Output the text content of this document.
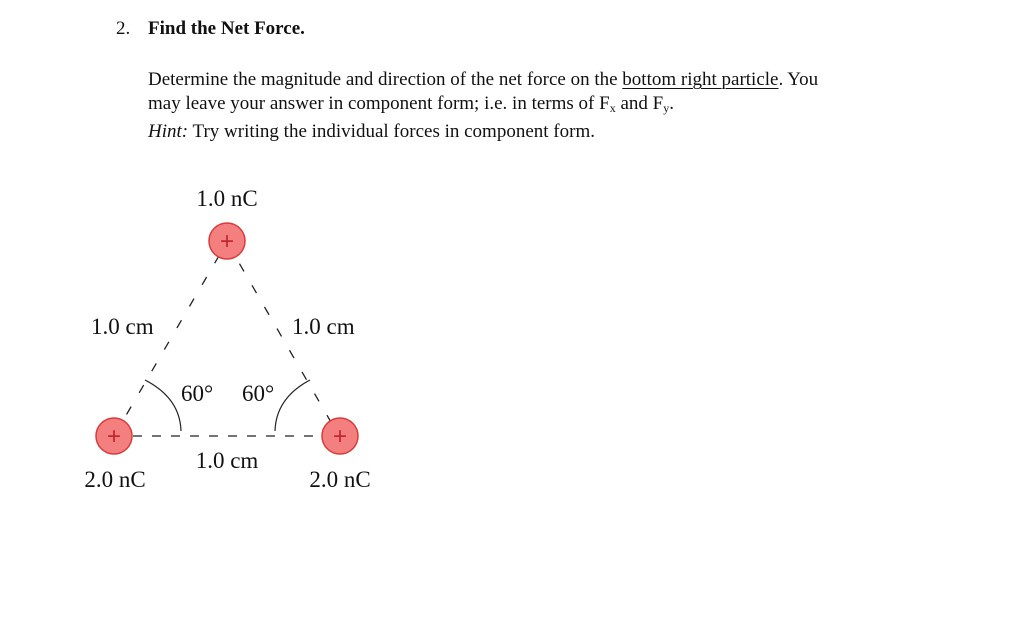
2. Find the Net Force.

Determine the magnitude and direction of the net force on the bottom right particle. You

may leave your answer in component form; i.e. in terms of $F_x$ and $F_y$.

Hint: Try writing the individual forces in component form.

+
+	+
1.0 nC
1.0 cm	1.0 cm
60° 60°
1.0 cm
2.0 nC	2.0 nC
